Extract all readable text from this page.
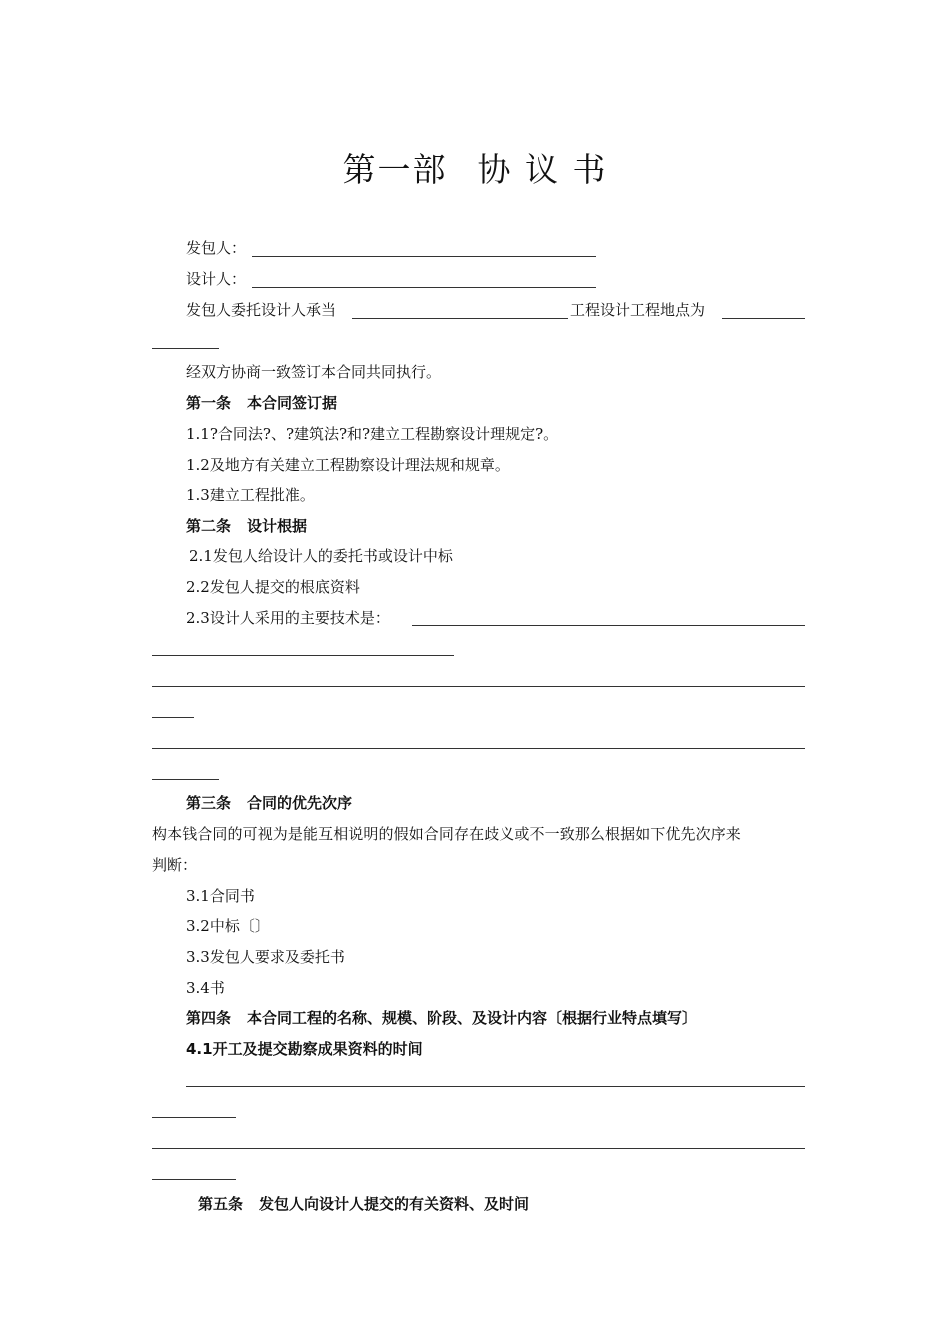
第一部 协 议 书
发包人：
设计人：
发包人委托设计人承当	工程设计工程地点为
经双方协商一致签订本合同共同执行。
第一条 本合同签订据
1.1?合同法?、?建筑法?和?建立工程勘察设计理规定?。
1.2及地方有关建立工程勘察设计理法规和规章。
1.3建立工程批准。
第二条 设计根据
2.1发包人给设计人的委托书或设计中标
2.2发包人提交的根底资料
2.3设计人采用的主要技术是：
第三条 合同的优先次序
构本钱合同的可视为是能互相说明的假如合同存在歧义或不一致那么根据如下优先次序来
判断：
3.1合同书
3.2中标〔〕
3.3发包人要求及委托书
3.4书
第四条 本合同工程的名称、规模、阶段、及设计内容〔根据行业特点填写〕
4.1开工及提交勘察成果资料的时间
第五条 发包人向设计人提交的有关资料、及时间
